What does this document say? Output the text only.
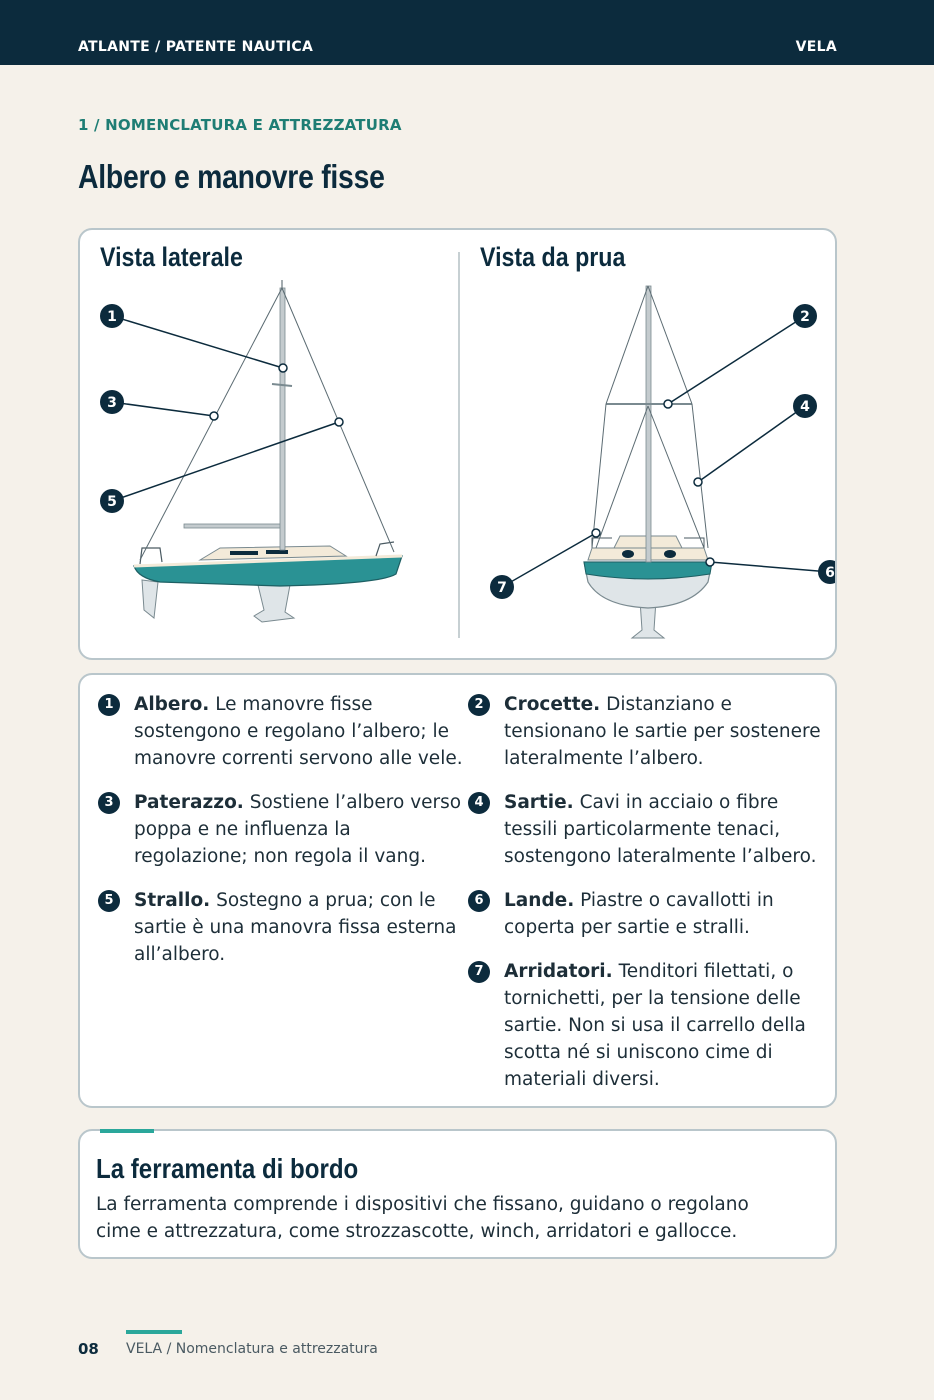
ATLANTE / PATENTE NAUTICA	VELA
1 / NOMENCLATURA E ATTREZZATURA
Albero e manovre fisse
Vista laterale	Vista da prua
1
3
5
2
4
7
6
1	Albero. Le manovre fisse sostengono e regolano l’albero; le manovre correnti servono alle vele.
2	Crocette. Distanziano e tensionano le sartie per sostenere lateralmente l’albero.
3	Paterazzo. Sostiene l’albero verso poppa e ne influenza la regolazione; non regola il vang.
4	Sartie. Cavi in acciaio o fibre tessili particolarmente tenaci, sostengono lateralmente l’albero.
5	Strallo. Sostegno a prua; con le sartie è una manovra fissa esterna all’albero.
6	Lande. Piastre o cavallotti in coperta per sartie e stralli.
7	Arridatori. Tenditori filettati, o tornichetti, per la tensione delle sartie. Non si usa il carrello della scotta né si uniscono cime di materiali diversi.
La ferramenta di bordo
La ferramenta comprende i dispositivi che fissano, guidano o regolano cime e attrezzatura, come strozzascotte, winch, arridatori e gallocce.
08 VELA / Nomenclatura e attrezzatura
